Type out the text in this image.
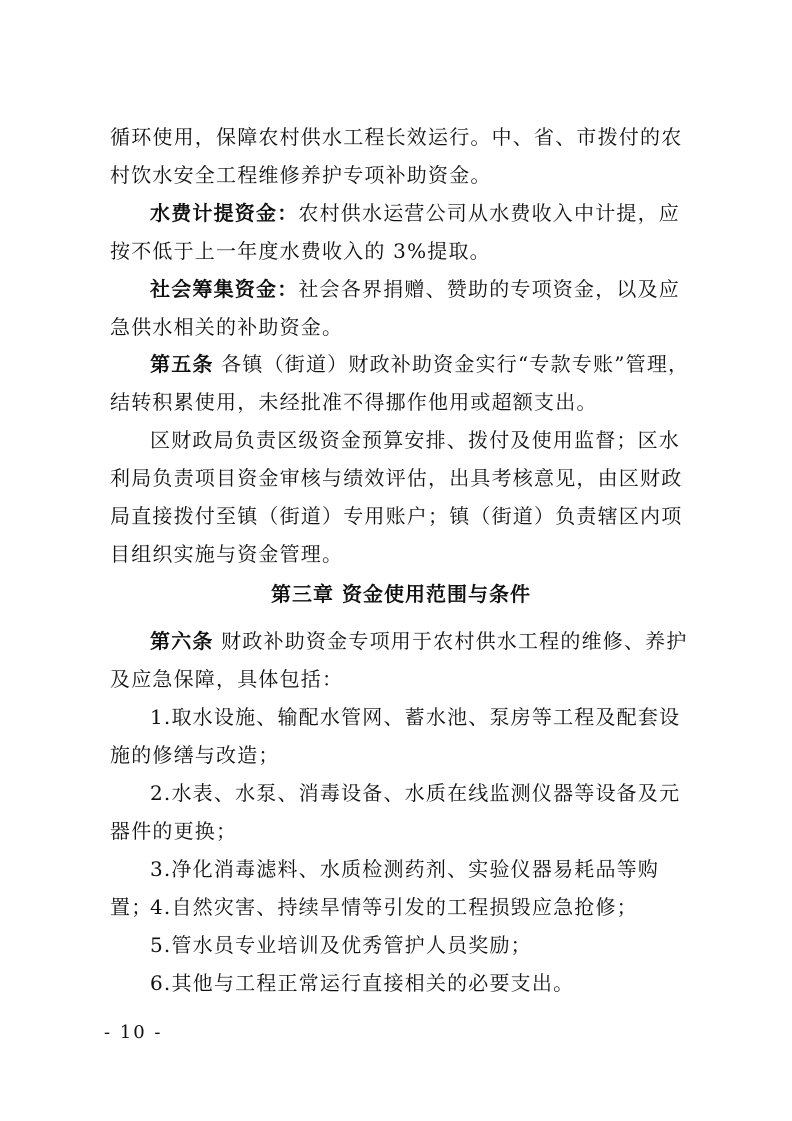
循环使用，保障农村供水工程长效运行。中、省、市拨付的农村饮水安全工程维修养护专项补助资金。

水费计提资金：农村供水运营公司从水费收入中计提，应按不低于上一年度水费收入的 3%提取。

社会筹集资金：社会各界捐赠、赞助的专项资金，以及应急供水相关的补助资金。

第五条 各镇（街道）财政补助资金实行“专款专账”管理，结转积累使用，未经批准不得挪作他用或超额支出。

区财政局负责区级资金预算安排、拨付及使用监督；区水利局负责项目资金审核与绩效评估，出具考核意见，由区财政局直接拨付至镇（街道）专用账户；镇（街道）负责辖区内项目组织实施与资金管理。

第三章 资金使用范围与条件

第六条 财政补助资金专项用于农村供水工程的维修、养护及应急保障，具体包括：

1.取水设施、输配水管网、蓄水池、泵房等工程及配套设施的修缮与改造；

2.水表、水泵、消毒设备、水质在线监测仪器等设备及元器件的更换；

3.净化消毒滤料、水质检测药剂、实验仪器易耗品等购置；

4.自然灾害、持续旱情等引发的工程损毁应急抢修；

5.管水员专业培训及优秀管护人员奖励；

6.其他与工程正常运行直接相关的必要支出。

- 10 -
